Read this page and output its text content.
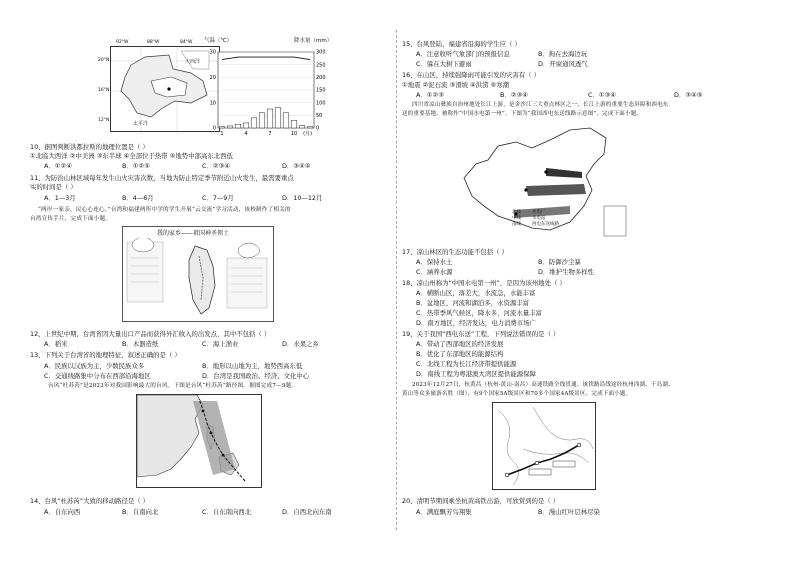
大西洋
太平洋
92°W	88°W	84°W
20°N
16°N
12°N
气温（℃）	降水量（mm）
30
20
10
0
300
250
200
150
100
50
0
1	4	7	10 (月)
10、据图判断洪都拉斯的地理位置是（ ）
①北临大西洋 ②中美洲 ③东半球 ④全部位于热带 ⑤地势中部高东北西低
A．①②④	B．①②⑤	C．②③④	D．③④⑤
11、为防治山林区域每年发生山火灾害次数，当地为防止特定季节附近山火发生，最需要重点
实的时间是（ ）
A．1—3月	B．4—6月	C．7—9月	D．10—12月
“两岸一家亲，民心心连心。”台湾和福建两所中学的学生开展“云交流”学习活动，该校制作了相关的
台湾宣传手片，完成下面小题。
我的家乡——祖国神圣领土
12、上世纪中期，台湾省因大量出口产品而获得外汇收入的出发点，其中不包括（ ）
A．稻米	B．木器造纸	C．海上渔业	D．水果之乡
13、下列关于台湾省的地理特征，叙述正确的是（ ）
A．民族以汉族为主，少数民族众多	B．地形以山地为主，地势西高东低
C．交通线路集中分布在西部沿海地区	D．台湾是我国政治、经济、文化中心
台风“杜苏芮”是2023年对我国影响最大的台风。下图是台风“杜苏芮”路径图。据图完成7—9题。
14、台风“杜苏芮”大致的移动路径是（ ）
A．自东向西	B．自南向北	C．自东南向西北	D．自西北向东南
15、台风登陆，福建省沿海的学生应（ ）
A．注意收听气象部门的预报信息	B．拘在去海边玩
C．躲在大树下避雨	D．开窗通风透气
16、在山区，持续强降雨可能引发的灾害有（ ）
①地震 ②泥石流 ③滑坡 ④洪涝 ⑤寒潮
A．①②③	B．②③④	C．①③④	D．③④⑤
四川省凉山彝族自治州地处长江上游，是金沙江三大重点林区之一，长江上游的重要生态屏障和西电东
送的重要基地，被称作“中国水电第一州”。下图为“我国西电东送线路示意图”。完成下面小题。
北线
中线
南线
火电厂
水电站
西电东送线路
17、凉山林区的生态功能不包括（ ）
A．保持水土	B．防御沙尘暴
C．涵养水源	D．维护生物多样性
18、凉山州称为“中国水电第一州”，是因为该州地处（ ）
A．横断山区，落差大，水流急，水能丰富
B．盆地区，河流和湖泊多，水资源丰富
C．热带季风气候区，降水多，河流水量丰富
D．南方地区，经济发达，电力消费市场广
19、关于我国“西电东送”工程，下列说法错误的是（ ）
A．带动了西部地区的经济发展
B．优化了东部地区的能源结构
C．北线工程为长江经济带提供能源
D．南线工程为粤港澳大湾区提供能源保障
2023年12月27日，杭黄昌（杭州-黄山-南昌）高速铁路全线贯通。该铁路沿线途经杭州西湖、千岛湖、
黄山等众多旅游名胜（图），有9个国家5A级景区和70多个国家4A级景区。完成下面小题。
20、清明节期间乘坐杭黄高铁出游，可欣赏到的是（ ）
A．满庭飘芳鸟翔集	B．漫山红叶层林尽染
